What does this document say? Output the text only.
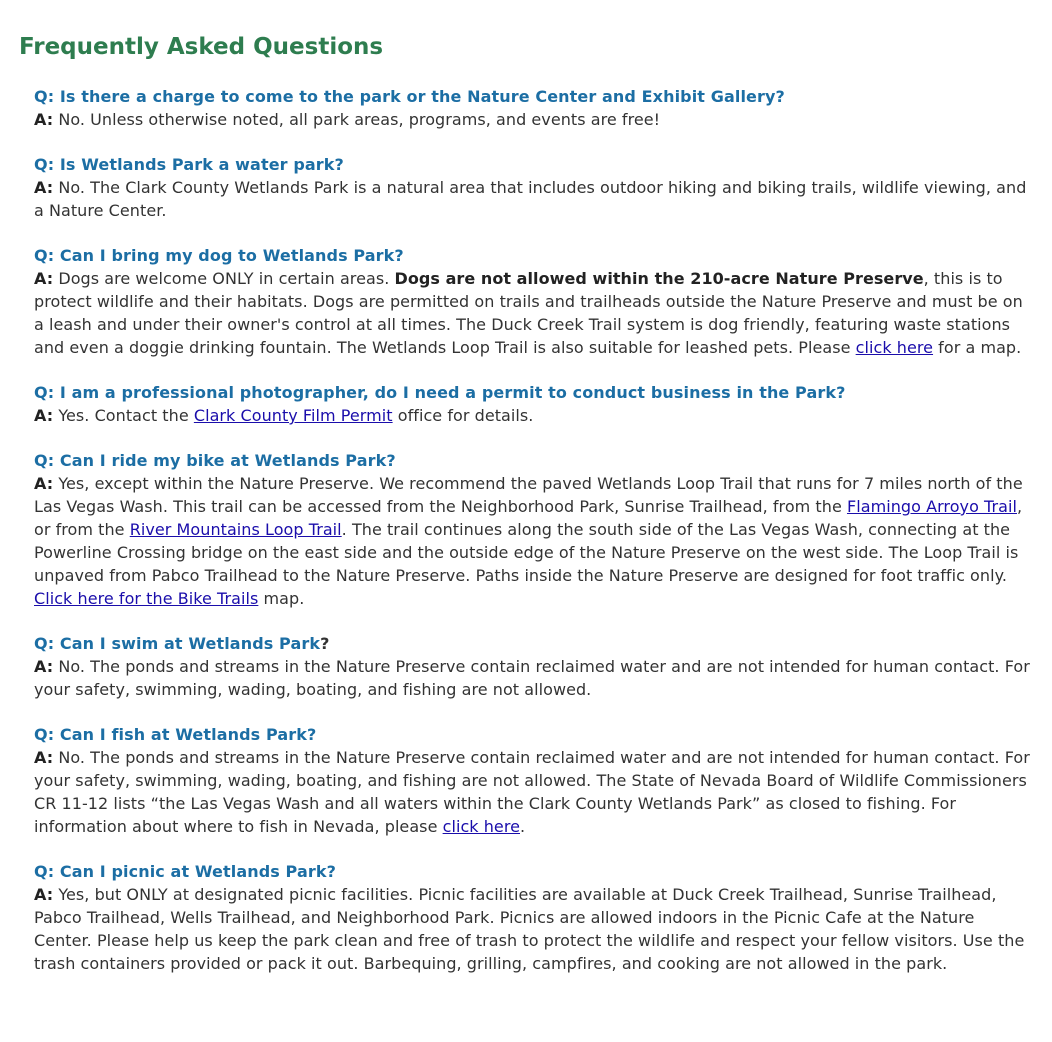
Frequently Asked Questions

Q: Is there a charge to come to the park or the Nature Center and Exhibit Gallery?

A: No. Unless otherwise noted, all park areas, programs, and events are free!

Q: Is Wetlands Park a water park?

A: No. The Clark County Wetlands Park is a natural area that includes outdoor hiking and biking trails, wildlife viewing, and a Nature Center.

Q: Can I bring my dog to Wetlands Park?

A: Dogs are welcome ONLY in certain areas. Dogs are not allowed within the 210-acre Nature Preserve, this is to protect wildlife and their habitats. Dogs are permitted on trails and trailheads outside the Nature Preserve and must be on a leash and under their owner's control at all times. The Duck Creek Trail system is dog friendly, featuring waste stations and even a doggie drinking fountain. The Wetlands Loop Trail is also suitable for leashed pets. Please click here for a map.

Q: I am a professional photographer, do I need a permit to conduct business in the Park?

A: Yes. Contact the Clark County Film Permit office for details.

Q: Can I ride my bike at Wetlands Park?

A: Yes, except within the Nature Preserve. We recommend the paved Wetlands Loop Trail that runs for 7 miles north of the Las Vegas Wash. This trail can be accessed from the Neighborhood Park, Sunrise Trailhead, from the Flamingo Arroyo Trail, or from the River Mountains Loop Trail. The trail continues along the south side of the Las Vegas Wash, connecting at the Powerline Crossing bridge on the east side and the outside edge of the Nature Preserve on the west side. The Loop Trail is unpaved from Pabco Trailhead to the Nature Preserve. Paths inside the Nature Preserve are designed for foot traffic only. Click here for the Bike Trails map.

Q: Can I swim at Wetlands Park?

A: No. The ponds and streams in the Nature Preserve contain reclaimed water and are not intended for human contact. For your safety, swimming, wading, boating, and fishing are not allowed.

Q: Can I fish at Wetlands Park?

A: No. The ponds and streams in the Nature Preserve contain reclaimed water and are not intended for human contact. For your safety, swimming, wading, boating, and fishing are not allowed. The State of Nevada Board of Wildlife Commissioners CR 11-12 lists “the Las Vegas Wash and all waters within the Clark County Wetlands Park” as closed to fishing. For information about where to fish in Nevada, please click here.

Q: Can I picnic at Wetlands Park?

A: Yes, but ONLY at designated picnic facilities. Picnic facilities are available at Duck Creek Trailhead, Sunrise Trailhead, Pabco Trailhead, Wells Trailhead, and Neighborhood Park. Picnics are allowed indoors in the Picnic Cafe at the Nature Center. Please help us keep the park clean and free of trash to protect the wildlife and respect your fellow visitors. Use the trash containers provided or pack it out. Barbequing, grilling, campfires, and cooking are not allowed in the park.
